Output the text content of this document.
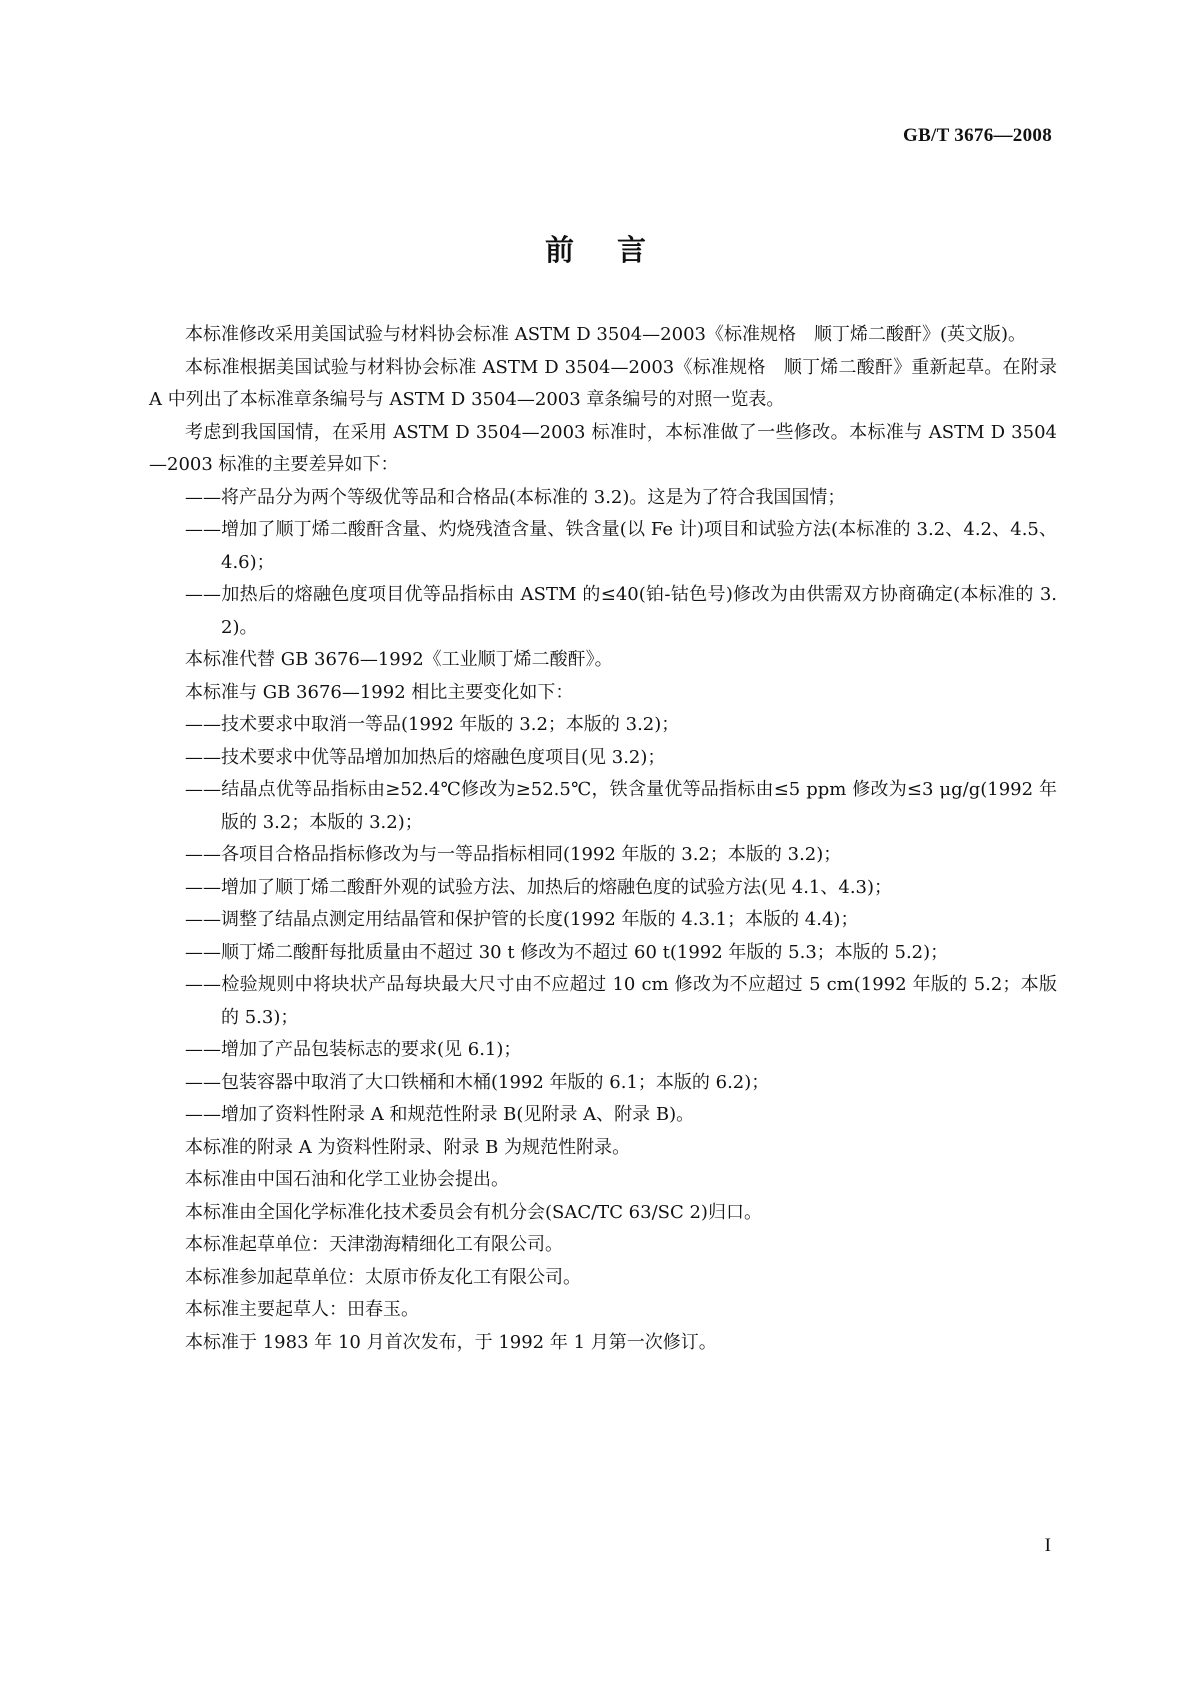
GB/T 3676—2008
前言

本标准修改采用美国试验与材料协会标准 ASTM D 3504—2003《标准规格　顺丁烯二酸酐》(英文版)。

本标准根据美国试验与材料协会标准 ASTM D 3504—2003《标准规格　顺丁烯二酸酐》重新起草。在附录 A 中列出了本标准章条编号与 ASTM D 3504—2003 章条编号的对照一览表。

考虑到我国国情，在采用 ASTM D 3504—2003 标准时，本标准做了一些修改。本标准与 ASTM D 3504—2003 标准的主要差异如下：

——将产品分为两个等级优等品和合格品(本标准的 3.2)。这是为了符合我国国情；

——增加了顺丁烯二酸酐含量、灼烧残渣含量、铁含量(以 Fe 计)项目和试验方法(本标准的 3.2、4.2、4.5、4.6)；

——加热后的熔融色度项目优等品指标由 ASTM 的≤40(铂-钴色号)修改为由供需双方协商确定(本标准的 3.2)。

本标准代替 GB 3676—1992《工业顺丁烯二酸酐》。

本标准与 GB 3676—1992 相比主要变化如下：

——技术要求中取消一等品(1992 年版的 3.2；本版的 3.2)；

——技术要求中优等品增加加热后的熔融色度项目(见 3.2)；

——结晶点优等品指标由≥52.4℃修改为≥52.5℃，铁含量优等品指标由≤5 ppm 修改为≤3 μg/g(1992 年版的 3.2；本版的 3.2)；

——各项目合格品指标修改为与一等品指标相同(1992 年版的 3.2；本版的 3.2)；

——增加了顺丁烯二酸酐外观的试验方法、加热后的熔融色度的试验方法(见 4.1、4.3)；

——调整了结晶点测定用结晶管和保护管的长度(1992 年版的 4.3.1；本版的 4.4)；

——顺丁烯二酸酐每批质量由不超过 30 t 修改为不超过 60 t(1992 年版的 5.3；本版的 5.2)；

——检验规则中将块状产品每块最大尺寸由不应超过 10 cm 修改为不应超过 5 cm(1992 年版的 5.2；本版的 5.3)；

——增加了产品包装标志的要求(见 6.1)；

——包装容器中取消了大口铁桶和木桶(1992 年版的 6.1；本版的 6.2)；

——增加了资料性附录 A 和规范性附录 B(见附录 A、附录 B)。

本标准的附录 A 为资料性附录、附录 B 为规范性附录。

本标准由中国石油和化学工业协会提出。

本标准由全国化学标准化技术委员会有机分会(SAC/TC 63/SC 2)归口。

本标准起草单位：天津渤海精细化工有限公司。

本标准参加起草单位：太原市侨友化工有限公司。

本标准主要起草人：田春玉。

本标准于 1983 年 10 月首次发布，于 1992 年 1 月第一次修订。

I
